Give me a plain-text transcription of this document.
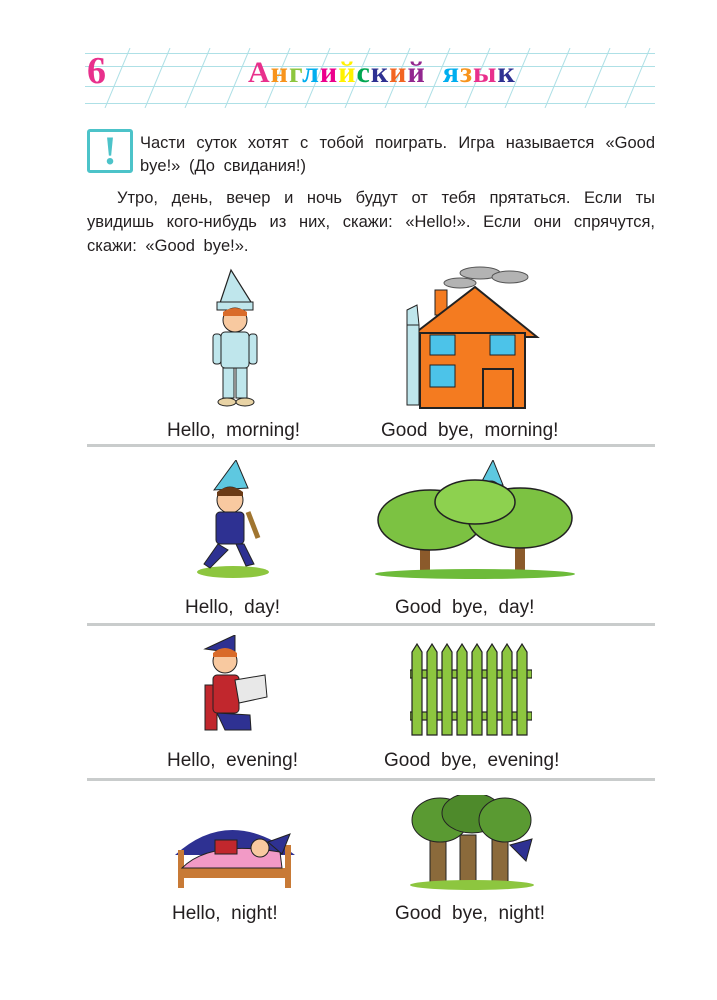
6	Английский язык
! Части суток хотят с тобой поиграть. Игра называется «Good bye!» (До свидания!)
Утро, день, вечер и ночь будут от тебя прятаться. Если ты увидишь кого-нибудь из них, скажи: «Hello!». Если они спрячутся, скажи: «Good bye!».
Hello,  morning!	Good  bye,  morning!
Hello,  day!	Good  bye,  day!
Hello,  evening!	Good  bye,  evening!
Hello,  night!	Good  bye,  night!
